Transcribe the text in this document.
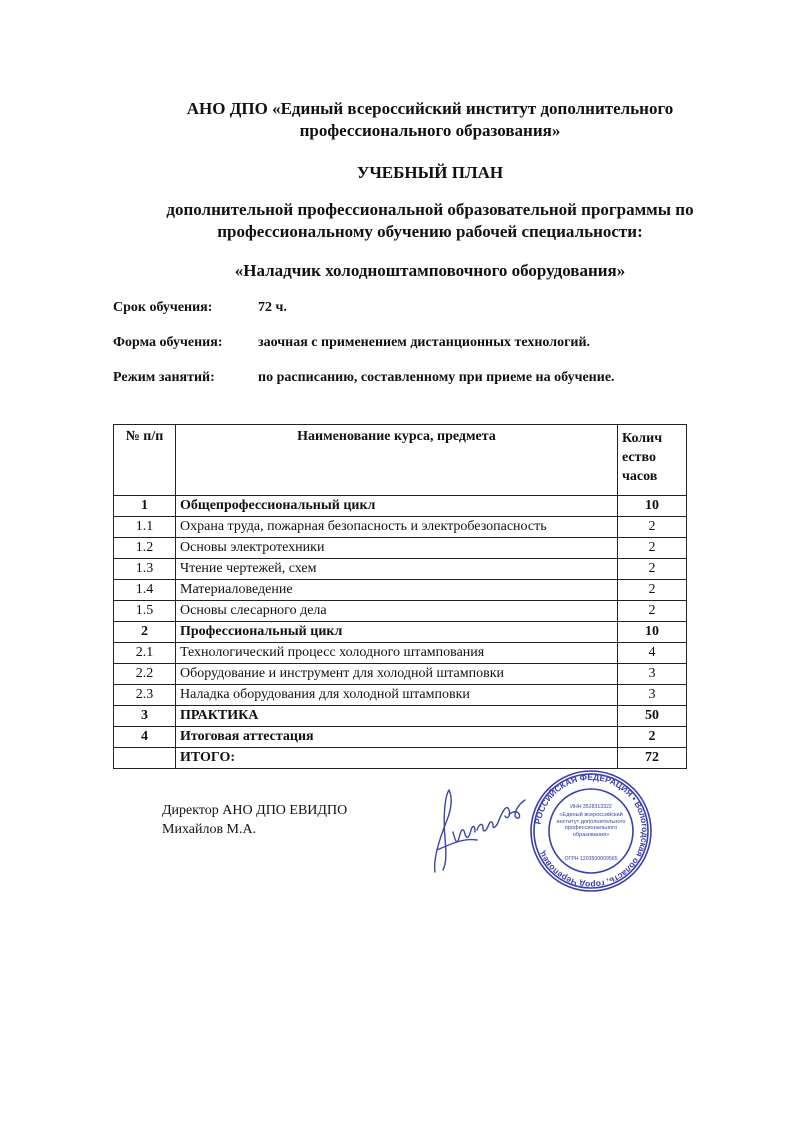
АНО ДПО «Единый всероссийский институт дополнительного профессионального образования»
УЧЕБНЫЙ ПЛАН
дополнительной профессиональной образовательной программы по профессиональному обучению рабочей специальности:
«Наладчик холодноштамповочного оборудования»
Срок обучения:	72 ч.
Форма обучения:	заочная с применением дистанционных технологий.
Режим занятий:	по расписанию, составленному при приеме на обучение.
№ п/п	Наименование курса, предмета	Колич ество часов
1	Общепрофессиональный цикл	10
1.1	Охрана труда, пожарная безопасность и электробезопасность	2
1.2	Основы электротехники	2
1.3	Чтение чертежей, схем	2
1.4	Материаловедение	2
1.5	Основы слесарного дела	2
2	Профессиональный цикл	10
2.1	Технологический процесс холодного штампования	4
2.2	Оборудование и инструмент для холодной штамповки	3
2.3	Наладка оборудования для холодной штамповки	3
3	ПРАКТИКА	50
4	Итоговая аттестация	2
	ИТОГО:	72
Директор АНО ДПО ЕВИДПО
Михайлов М.А.
РОССИЙСКАЯ ФЕДЕРАЦИЯ • Вологодская область, город Череповец
ИНН 3528313322
«Единый всероссийский институт дополнительного профессионального образования»
ОГРН 1203500009565
